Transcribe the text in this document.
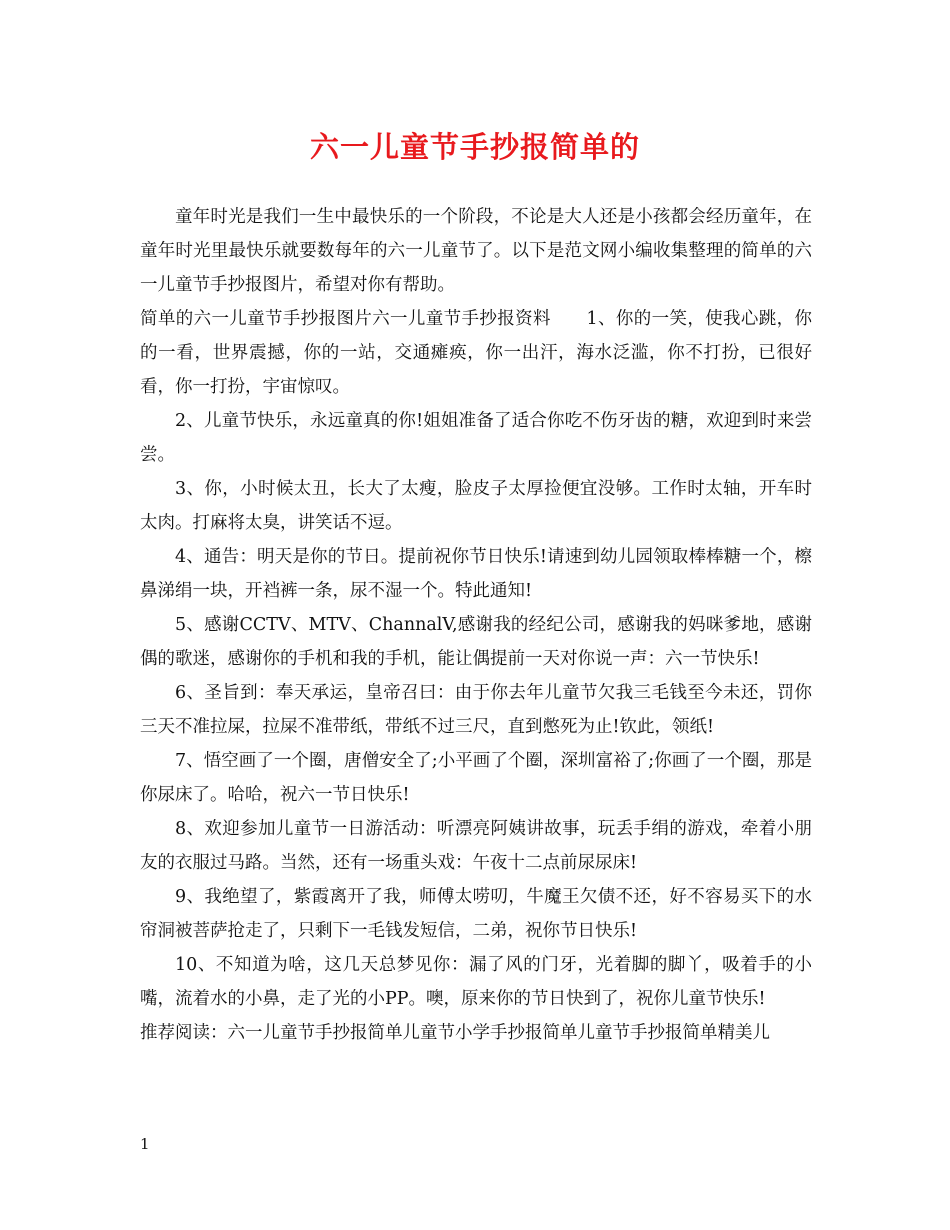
六一儿童节手抄报简单的

童年时光是我们一生中最快乐的一个阶段，不论是大人还是小孩都会经历童年，在童年时光里最快乐就要数每年的六一儿童节了。以下是范文网小编收集整理的简单的六一儿童节手抄报图片，希望对你有帮助。

简单的六一儿童节手抄报图片六一儿童节手抄报资料　　1、你的一笑，使我心跳，你的一看，世界震撼，你的一站，交通瘫痪，你一出汗，海水泛滥，你不打扮，已很好看，你一打扮，宇宙惊叹。

2、儿童节快乐，永远童真的你!姐姐准备了适合你吃不伤牙齿的糖，欢迎到时来尝尝。

3、你，小时候太丑，长大了太瘦，脸皮子太厚捡便宜没够。工作时太轴，开车时太肉。打麻将太臭，讲笑话不逗。

4、通告：明天是你的节日。提前祝你节日快乐!请速到幼儿园领取棒棒糖一个，檫鼻涕绢一块，开裆裤一条，尿不湿一个。特此通知!

5、感谢CCTV、MTV、ChannalV,感谢我的经纪公司，感谢我的妈咪爹地，感谢偶的歌迷，感谢你的手机和我的手机，能让偶提前一天对你说一声：六一节快乐!

6、圣旨到：奉天承运，皇帝召曰：由于你去年儿童节欠我三毛钱至今未还，罚你三天不准拉屎，拉屎不准带纸，带纸不过三尺，直到憋死为止!钦此，领纸!

7、悟空画了一个圈，唐僧安全了;小平画了个圈，深圳富裕了;你画了一个圈，那是你尿床了。哈哈，祝六一节日快乐!

8、欢迎参加儿童节一日游活动：听漂亮阿姨讲故事，玩丢手绢的游戏，牵着小朋友的衣服过马路。当然，还有一场重头戏：午夜十二点前尿尿床!

9、我绝望了，紫霞离开了我，师傅太唠叨，牛魔王欠债不还，好不容易买下的水帘洞被菩萨抢走了，只剩下一毛钱发短信，二弟，祝你节日快乐!

10、不知道为啥，这几天总梦见你：漏了风的门牙，光着脚的脚丫，吸着手的小嘴，流着水的小鼻，走了光的小PP。噢，原来你的节日快到了，祝你儿童节快乐!

推荐阅读：六一儿童节手抄报简单儿童节小学手抄报简单儿童节手抄报简单精美儿

1
